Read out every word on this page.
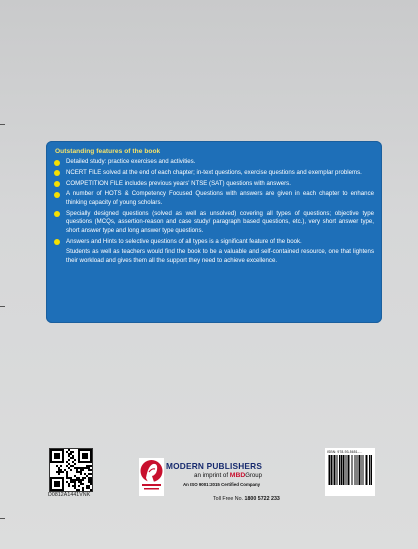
Outstanding features of the book
Detailed study: practice exercises and activities.
NCERT FILE solved at the end of each chapter; in-text questions, exercise questions and exemplar problems.
COMPETITION FILE includes previous years' NTSE (SAT) questions with answers.
A number of HOTS & Competency Focused Questions with answers are given in each chapter to enhance thinking capacity of young scholars.
Specially designed questions (solved as well as unsolved) covering all types of questions; objective type questions (MCQs, assertion-reason and case study/ paragraph based questions, etc.), very short answer type, short answer type and long answer type questions.
Answers and Hints to selective questions of all types is a significant feature of the book.
Students as well as teachers would find the book to be a valuable and self-contained resource, one that lightens their workload and gives them all the support they need to achieve excellence.
D0812A1441VNK
MODERN PUBLISHERS
an imprint of MBDGroup
An ISO 9001:2015 Certified Company
Toll Free No. 1800 5722 233
ISBN: 978-93-5651-...
